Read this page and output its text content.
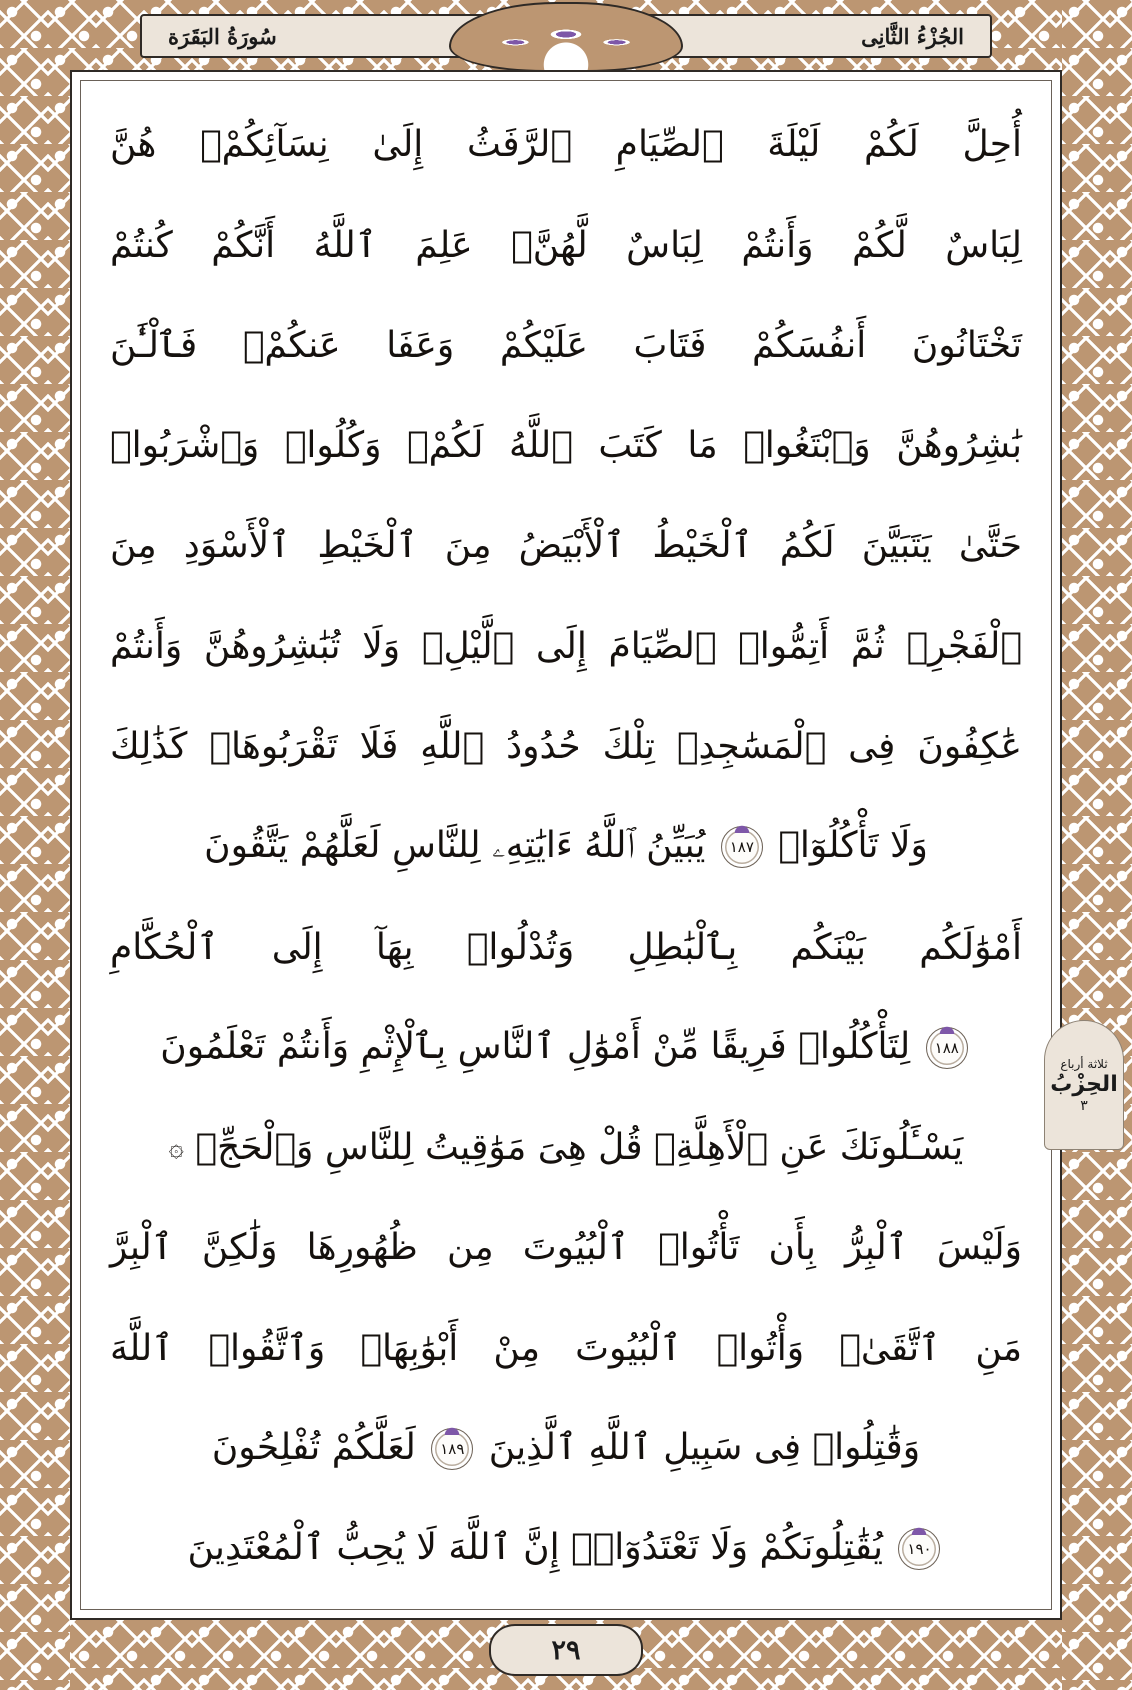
الجُزْءُ الثَّانِى
سُورَةُ البَقَرَة
أُحِلَّ لَكُمْ لَيْلَةَ ٱلصِّيَامِ ٱلرَّفَثُ إِلَىٰ نِسَآئِكُمْۚ هُنَّ
لِبَاسٌ لَّكُمْ وَأَنتُمْ لِبَاسٌ لَّهُنَّۗ عَلِمَ ٱللَّهُ أَنَّكُمْ كُنتُمْ
تَخْتَانُونَ أَنفُسَكُمْ فَتَابَ عَلَيْكُمْ وَعَفَا عَنكُمْۖ فَٱلْـَٰٔنَ
بَٰشِرُوهُنَّ وَٱبْتَغُوا۟ مَا كَتَبَ ٱللَّهُ لَكُمْۚ وَكُلُوا۟ وَٱشْرَبُوا۟
حَتَّىٰ يَتَبَيَّنَ لَكُمُ ٱلْخَيْطُ ٱلْأَبْيَضُ مِنَ ٱلْخَيْطِ ٱلْأَسْوَدِ مِنَ
ٱلْفَجْرِۖ ثُمَّ أَتِمُّوا۟ ٱلصِّيَامَ إِلَى ٱلَّيْلِۚ وَلَا تُبَٰشِرُوهُنَّ وَأَنتُمْ
عَٰكِفُونَ فِى ٱلْمَسَٰجِدِۗ تِلْكَ حُدُودُ ٱللَّهِ فَلَا تَقْرَبُوهَاۗ كَذَٰلِكَ
وَلَا تَأْكُلُوٓا۟
١٨٧
يُبَيِّنُ ٱللَّهُ ءَايَٰتِهِۦ لِلنَّاسِ لَعَلَّهُمْ يَتَّقُونَ
أَمْوَٰلَكُم بَيْنَكُم بِٱلْبَٰطِلِ وَتُدْلُوا۟ بِهَآ إِلَى ٱلْحُكَّامِ
١٨٨
لِتَأْكُلُوا۟ فَرِيقًا مِّنْ أَمْوَٰلِ ٱلنَّاسِ بِٱلْإِثْمِ وَأَنتُمْ تَعْلَمُونَ
يَسْـَٔلُونَكَ عَنِ ٱلْأَهِلَّةِۖ قُلْ هِىَ مَوَٰقِيتُ لِلنَّاسِ وَٱلْحَجِّۗ ۞
وَلَيْسَ ٱلْبِرُّ بِأَن تَأْتُوا۟ ٱلْبُيُوتَ مِن ظُهُورِهَا وَلَٰكِنَّ ٱلْبِرَّ
مَنِ ٱتَّقَىٰۗ وَأْتُوا۟ ٱلْبُيُوتَ مِنْ أَبْوَٰبِهَاۚ وَٱتَّقُوا۟ ٱللَّهَ
وَقَٰتِلُوا۟ فِى سَبِيلِ ٱللَّهِ ٱلَّذِينَ
١٨٩
لَعَلَّكُمْ تُفْلِحُونَ
١٩٠
يُقَٰتِلُونَكُمْ وَلَا تَعْتَدُوٓا۟ۚ إِنَّ ٱللَّهَ لَا يُحِبُّ ٱلْمُعْتَدِينَ
ثلاثة أرباع
الحِزْبُ
٣
٢٩
